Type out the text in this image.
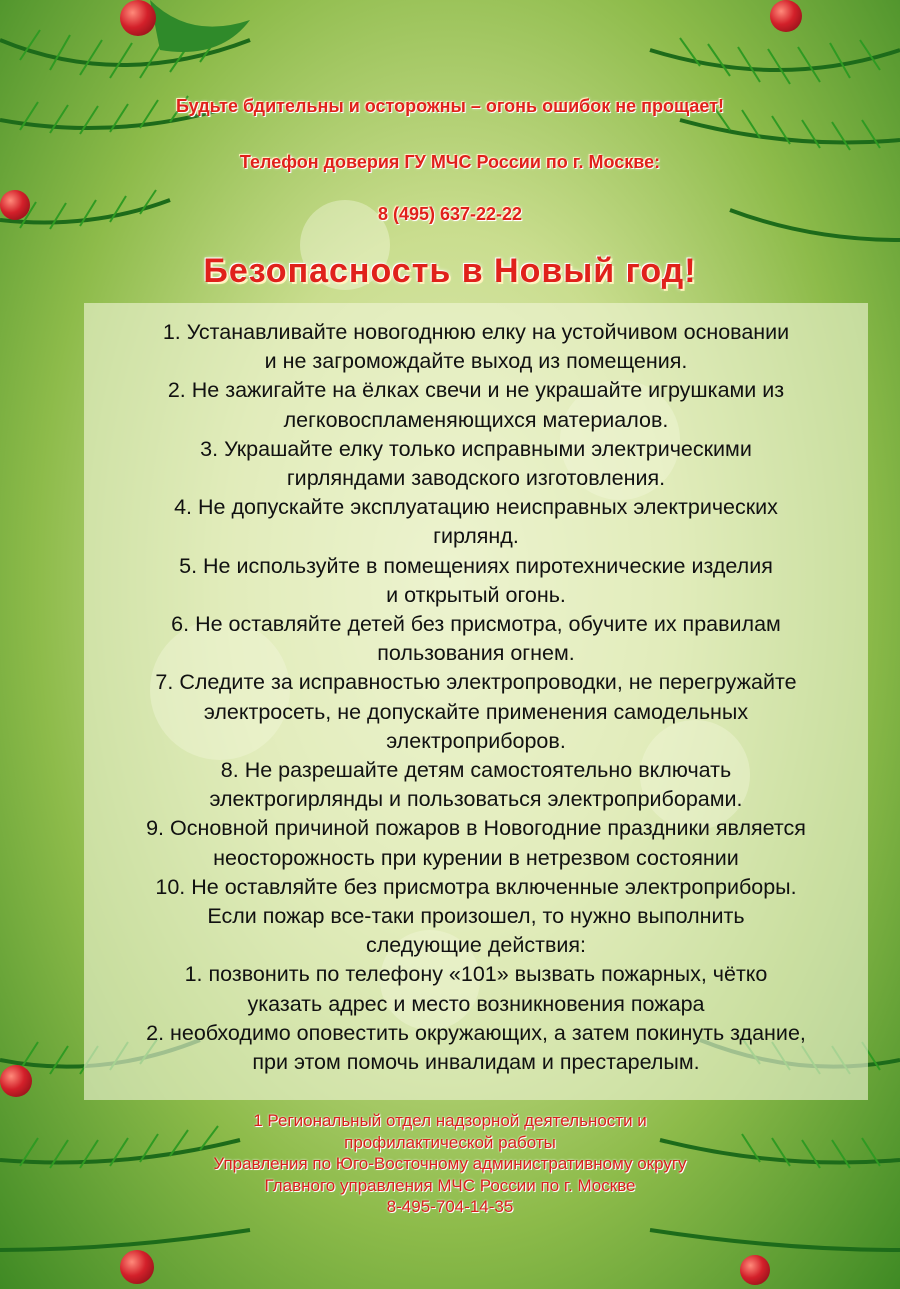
Будьте бдительны и осторожны – огонь ошибок не прощает!
Телефон доверия ГУ МЧС России по г. Москве:
8 (495) 637-22-22
Безопасность в Новый год!
1. Устанавливайте новогоднюю елку на устойчивом основании
и не загромождайте выход из помещения.
2. Не зажигайте на ёлках свечи и не украшайте игрушками из
легковоспламеняющихся материалов.
3. Украшайте елку только исправными электрическими
гирляндами заводского изготовления.
4. Не допускайте эксплуатацию неисправных электрических
гирлянд.
5. Не используйте в помещениях пиротехнические изделия
и открытый огонь.
6. Не оставляйте детей без присмотра, обучите их правилам
пользования огнем.
7. Следите за исправностью электропроводки, не перегружайте
электросеть, не допускайте применения самодельных
электроприборов.
8. Не разрешайте детям самостоятельно включать
электрогирлянды и пользоваться электроприборами.
9. Основной причиной пожаров в Новогодние праздники является
неосторожность при курении в нетрезвом состоянии
10. Не оставляйте без присмотра включенные электроприборы.
Если пожар все-таки произошел, то нужно выполнить
следующие действия:
1. позвонить по телефону «101» вызвать пожарных, чётко
указать адрес и место возникновения пожара
2. необходимо оповестить окружающих, а затем покинуть здание,
при этом помочь инвалидам и престарелым.
1 Региональный отдел надзорной деятельности и
профилактической работы
Управления по Юго-Восточному административному округу
Главного управления МЧС России по г. Москве
8-495-704-14-35
